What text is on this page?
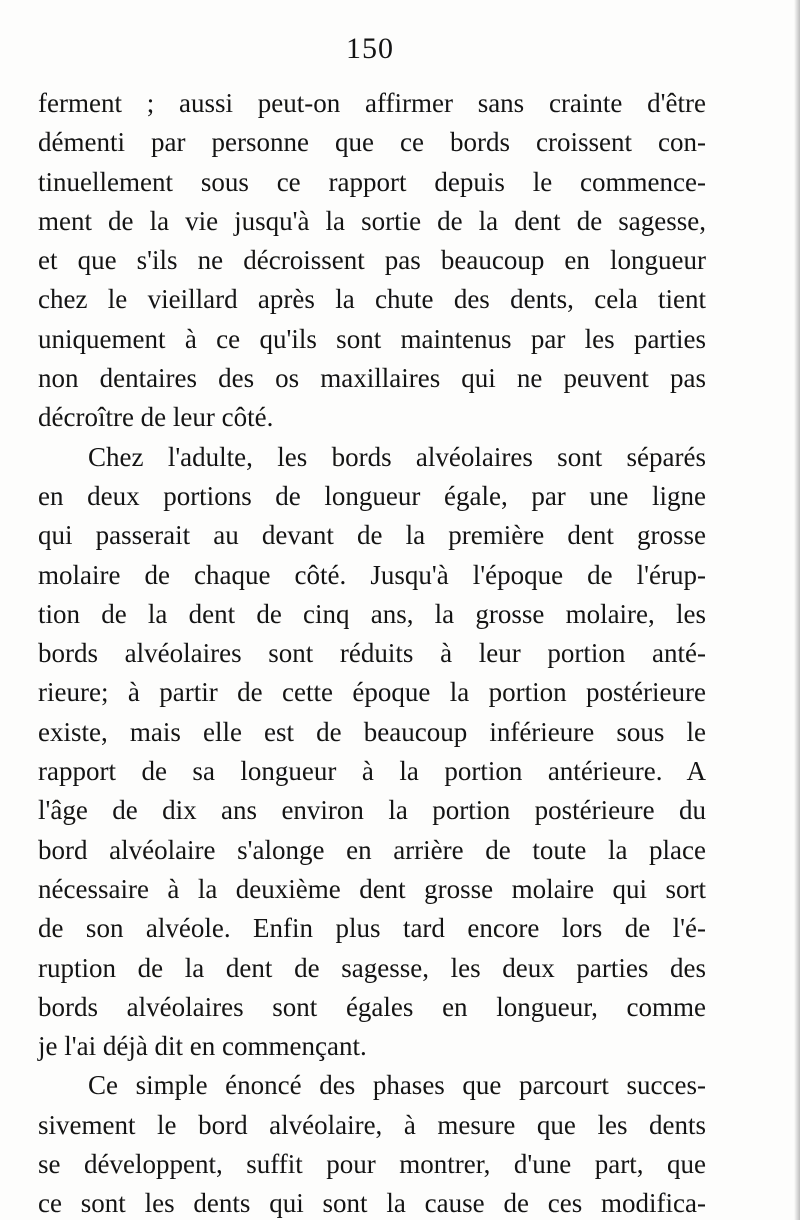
150
ferment ; aussi peut-on affirmer sans crainte d'être
démenti par personne que ce bords croissent con-
tinuellement sous ce rapport depuis le commence-
ment de la vie jusqu'à la sortie de la dent de sagesse,
et que s'ils ne décroissent pas beaucoup en longueur
chez le vieillard après la chute des dents, cela tient
uniquement à ce qu'ils sont maintenus par les parties
non dentaires des os maxillaires qui ne peuvent pas
décroître de leur côté.
Chez l'adulte, les bords alvéolaires sont séparés
en deux portions de longueur égale, par une ligne
qui passerait au devant de la première dent grosse
molaire de chaque côté. Jusqu'à l'époque de l'érup-
tion de la dent de cinq ans, la grosse molaire, les
bords alvéolaires sont réduits à leur portion anté-
rieure; à partir de cette époque la portion postérieure
existe, mais elle est de beaucoup inférieure sous le
rapport de sa longueur à la portion antérieure. A
l'âge de dix ans environ la portion postérieure du
bord alvéolaire s'alonge en arrière de toute la place
nécessaire à la deuxième dent grosse molaire qui sort
de son alvéole. Enfin plus tard encore lors de l'é-
ruption de la dent de sagesse, les deux parties des
bords alvéolaires sont égales en longueur, comme
je l'ai déjà dit en commençant.
Ce simple énoncé des phases que parcourt succes-
sivement le bord alvéolaire, à mesure que les dents
se développent, suffit pour montrer, d'une part, que
ce sont les dents qui sont la cause de ces modifica-
